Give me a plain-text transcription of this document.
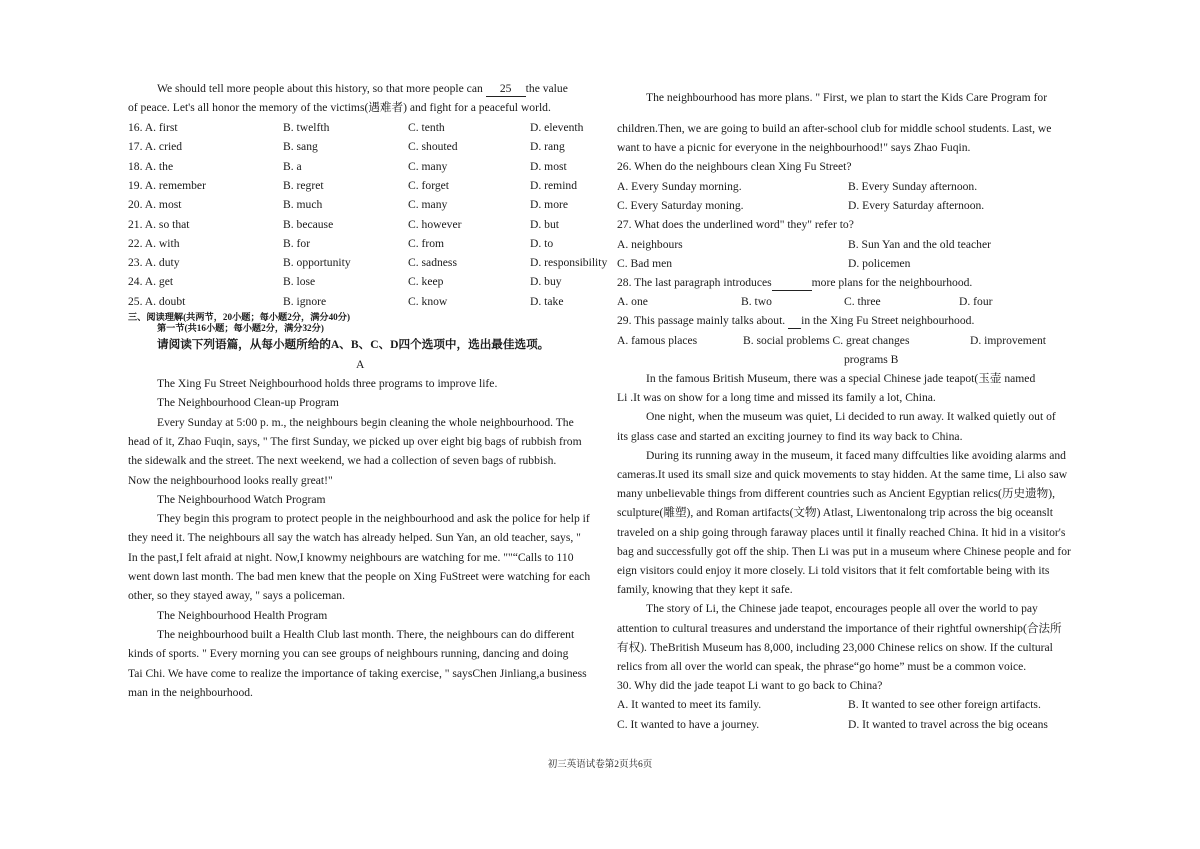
We should tell more people about this history, so that more people can 25 the value
of peace. Let's all honor the memory of the victims(遇难者) and fight for a peaceful world.
16. A. first	B. twelfth	C. tenth	D. eleventh
17. A. cried	B. sang	C. shouted	D. rang
18. A. the	B. a	C. many	D. most
19. A. remember	B. regret	C. forget	D. remind
20. A. most	B. much	C. many	D. more
21. A. so that	B. because	C. however	D. but
22. A. with	B. for	C. from	D. to
23. A. duty	B. opportunity	C. sadness	D. responsibility
24. A. get	B. lose	C. keep	D. buy
25. A. doubt	B. ignore	C. know	D. take
三、阅读理解(共两节，20小题；每小题2分，满分40分)
第一节(共16小题；每小题2分，满分32分)
请阅读下列语篇，从每小题所给的A、B、C、D四个选项中，选出最佳选项。
A
The Xing Fu Street Neighbourhood holds three programs to improve life.
The Neighbourhood Clean-up Program
Every Sunday at 5:00 p. m., the neighbours begin cleaning the whole neighbourhood. The
head of it, Zhao Fuqin, says, " The first Sunday, we picked up over eight big bags of rubbish from
the sidewalk and the street. The next weekend, we had a collection of seven bags of rubbish.
Now the neighbourhood looks really great!"
The Neighbourhood Watch Program
They begin this program to protect people in the neighbourhood and ask the police for help if
they need it. The neighbours all say the watch has already helped. Sun Yan, an old teacher, says, "
In the past,I felt afraid at night. Now,I knowmy neighbours are watching for me. ""“Calls to 110
went down last month. The bad men knew that the people on Xing FuStreet were watching for each
other, so they stayed away, " says a policeman.
The Neighbourhood Health Program
The neighbourhood built a Health Club last month. There, the neighbours can do different
kinds of sports. " Every morning you can see groups of neighbours running, dancing and doing
Tai Chi. We have come to realize the importance of taking exercise, " saysChen Jinliang,a business
man in the neighbourhood.
The neighbourhood has more plans. " First, we plan to start the Kids Care Program for
children.Then, we are going to build an after-school club for middle school students. Last, we
want to have a picnic for everyone in the neighbourhood!" says Zhao Fuqin.
26. When do the neighbours clean Xing Fu Street?
A. Every Sunday morning.	B. Every Sunday afternoon.
C. Every Saturday moning.	D. Every Saturday afternoon.
27. What does the underlined word" they" refer to?
A. neighbours	B. Sun Yan and the old teacher
C. Bad men	D. policemen
28. The last paragraph introduces	more plans for the neighbourhood.
A. one	B. two	C. three	D. four
29. This passage mainly talks about.  in the Xing Fu Street neighbourhood.
A. famous places	B. social problems C. great changes	D. improvement
programs B
In the famous British Museum, there was a special Chinese jade teapot(玉壶 named
Li .It was on show for a long time and missed its family a lot, China.
One night, when the museum was quiet, Li decided to run away. It walked quietly out of
its glass case and started an exciting journey to find its way back to China.
During its running away in the museum, it faced many diffculties like avoiding alarms and
cameras.It used its small size and quick movements to stay hidden. At the same time, Li also saw
many unbelievable things from different countries such as Ancient Egyptian relics(历史遗物),
sculpture(雕塑), and Roman artifacts(文物) Atlast, Liwentonalong trip across the big oceanslt
traveled on a ship going through faraway places until it finally reached China. It hid in a visitor's
bag and successfully got off the ship. Then Li was put in a museum where Chinese people and for
eign visitors could enjoy it more closely. Li told visitors that it felt comfortable being with its
family, knowing that they kept it safe.
The story of Li, the Chinese jade teapot, encourages people all over the world to pay
attention to cultural treasures and understand the importance of their rightful ownership(合法所
有权). TheBritish Museum has 8,000, including 23,000 Chinese relics on show. If the cultural
relics from all over the world can speak, the phrase“go home” must be a common voice.
30. Why did the jade teapot Li want to go back to China?
A. It wanted to meet its family.	B. It wanted to see other foreign artifacts.
C. It wanted to have a journey.	D. It wanted to travel across the big oceans
初三英语试卷第2页共6页
